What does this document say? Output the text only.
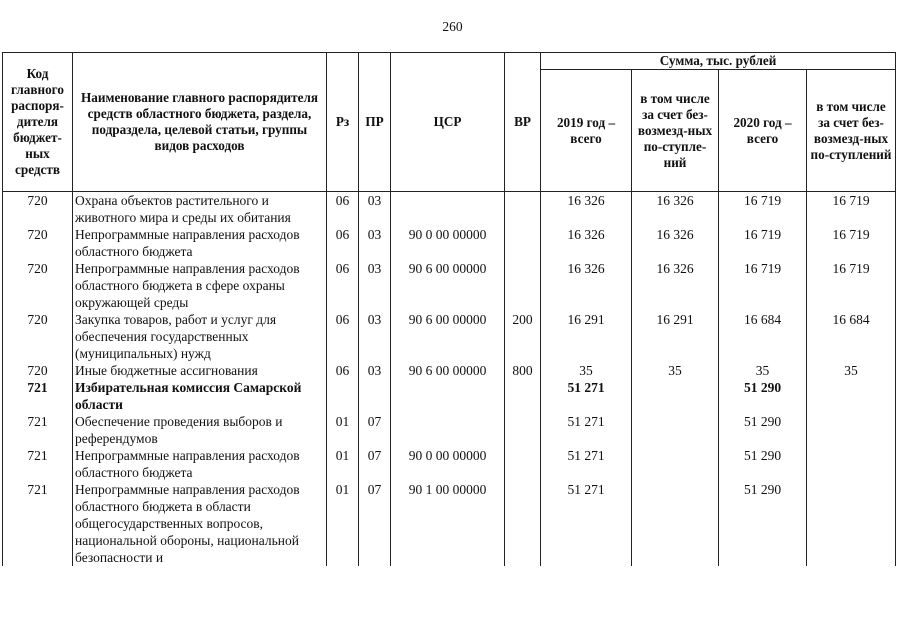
260
Код главного распоря-дителя бюджет-ных средств	Наименование главного распорядителя средств областного бюджета, раздела, подраздела, целевой статьи, группы видов расходов	Рз	ПР	ЦСР	ВР	Сумма, тыс. рублей			
						2019 год – всего	в том числе за счет без-возмезд-ных по-ступле-ний	2020 год – всего	в том числе за счет без-возмезд-ных по-ступлений
720	Охрана объектов растительного и животного мира и среды их обитания	06	03			16 326	16 326	16 719	16 719
720	Непрограммные направления расходов областного бюджета	06	03	90 0 00 00000		16 326	16 326	16 719	16 719
720	Непрограммные направления расходов областного бюджета в сфере охраны окружающей среды	06	03	90 6 00 00000		16 326	16 326	16 719	16 719
720	Закупка товаров, работ и услуг для обеспечения государственных (муниципальных) нужд	06	03	90 6 00 00000	200	16 291	16 291	16 684	16 684
720	Иные бюджетные ассигнования	06	03	90 6 00 00000	800	35	35	35	35
721	Избирательная комиссия Самарской области					51 271		51 290	
721	Обеспечение проведения выборов и референдумов	01	07			51 271		51 290	
721	Непрограммные направления расходов областного бюджета	01	07	90 0 00 00000		51 271		51 290	
721	Непрограммные направления расходов областного бюджета в области общегосударственных вопросов, национальной обороны, национальной безопасности и	01	07	90 1 00 00000		51 271		51 290	
